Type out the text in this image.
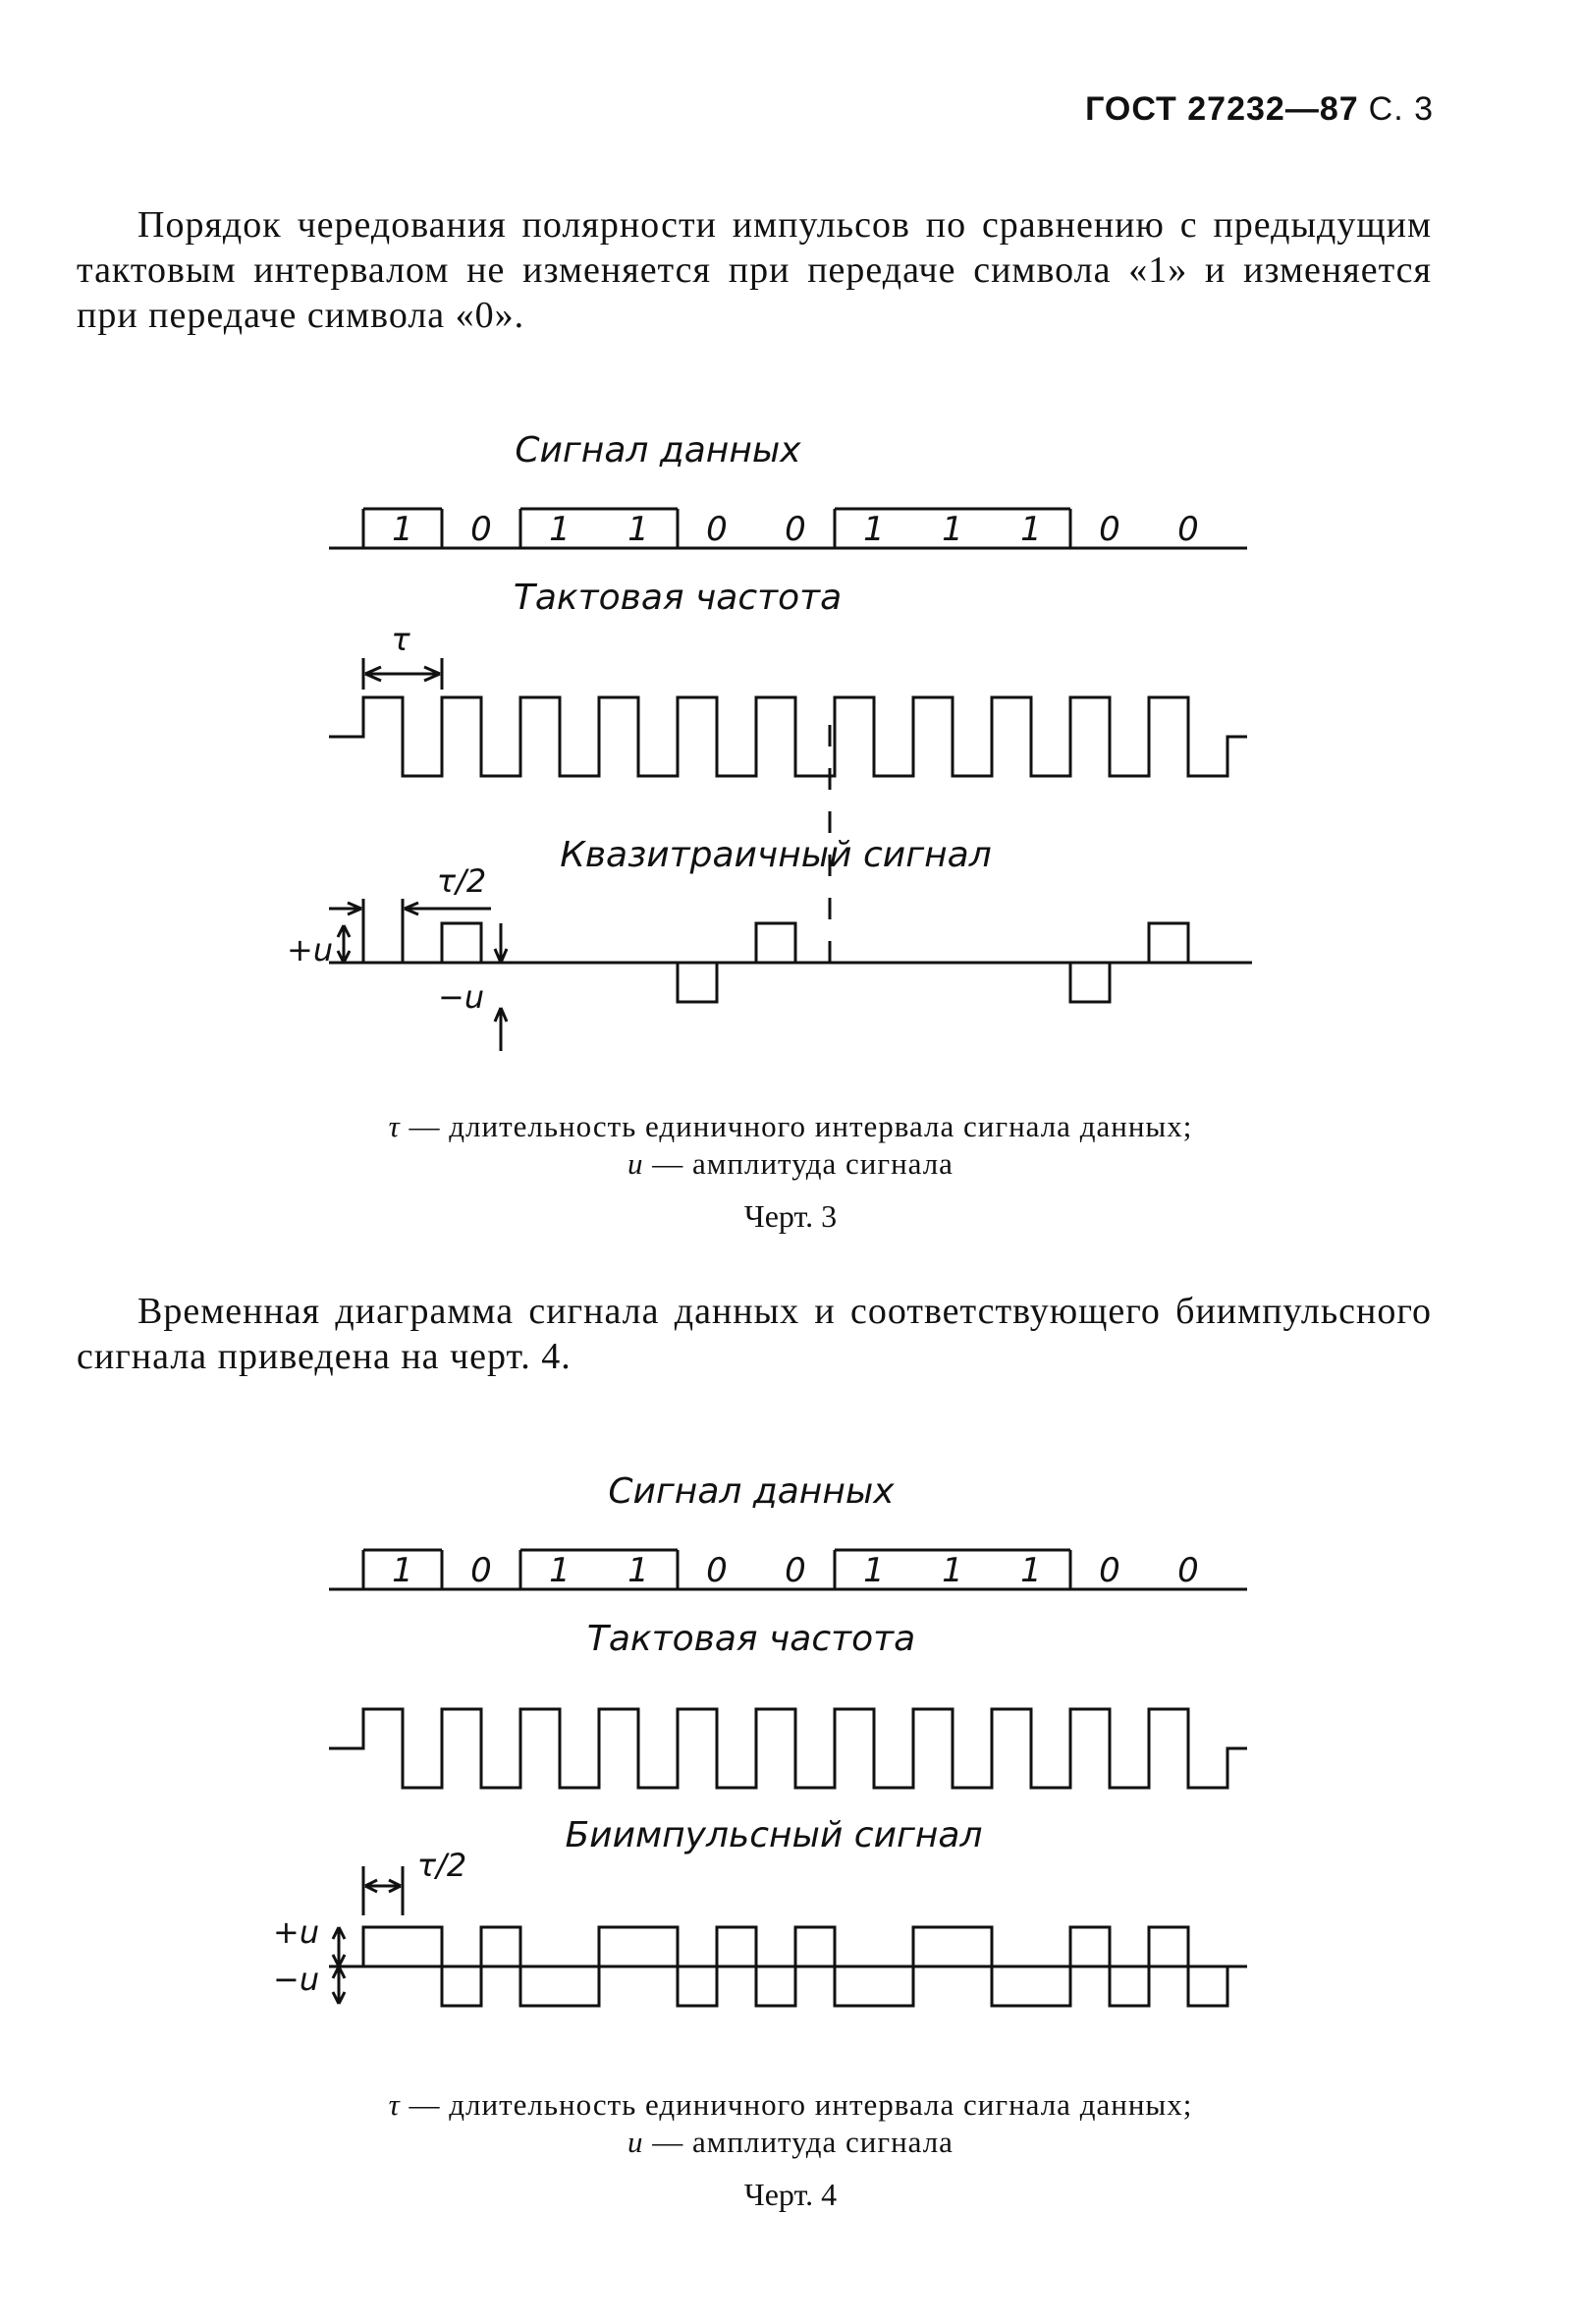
ГОСТ 27232—87 С. 3
Порядок чередования полярности импульсов по сравнению с предыдущим тактовым интервалом не изменяется при передаче символа «1» и изменяется при передаче символа «0».
Сигнал данных
1 0 1 1 0 0 1 1 1 0 0
Тактовая частота
Квазитраичный сигнал
τ
τ/2
+u
−u
τ — длительность единичного интервала сигнала данных;
u — амплитуда сигнала
Черт. 3
Временная диаграмма сигнала данных и соответствующего биимпульсного сигнала приведена на черт. 4.
Сигнал данных
1 0 1 1 0 0 1 1 1 0 0
Тактовая частота
Биимпульсный сигнал
τ/2
+u
−u
τ — длительность единичного интервала сигнала данных;
u — амплитуда сигнала
Черт. 4
